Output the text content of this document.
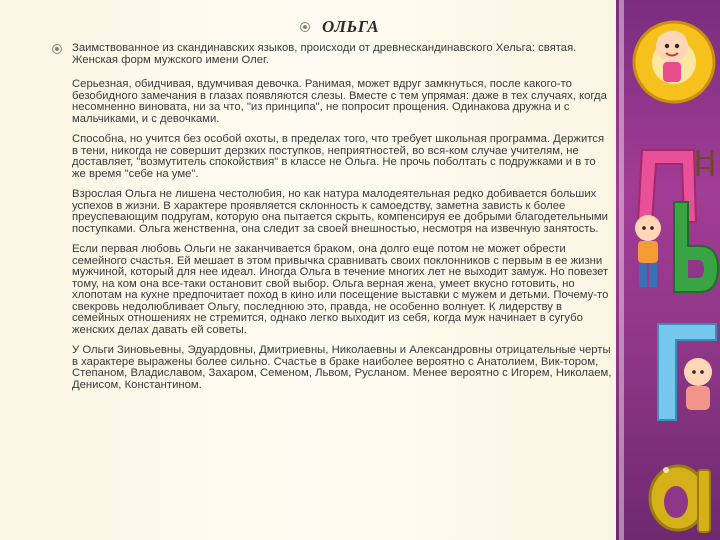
ОЛЬГА

Заимствованное из скандинавских языков, происходи от древнескандинавского Хельга: святая. Женская форм мужского имени Олег.

Серьезная, обидчивая, вдумчивая девочка. Ранимая, может вдруг замкнуться, после какого-то безобидного замечания в глазах появляются слезы. Вместе с тем упрямая: даже в тех случаях, когда несомненно виновата, ни за что, "из принципа", не попросит прощения. Одинакова дружна и с мальчиками, и с девочками.

Способна, но учится без особой охоты, в пределах того, что требует школьная программа. Держится в тени, никогда не совершит дерзких поступков, неприятностей, во вся-ком случае учителям, не доставляет, "возмутитель спокойствия" в классе не Ольга. Не прочь поболтать с подружками и в то же время "себе на уме".

Взрослая Ольга не лишена честолюбия, но как натура малодеятельная редко добивается больших успехов в жизни. В характере проявляется склонность к самоедству, заметна зависть к более преуспевающим подругам, которую она пытается скрыть, компенсируя ее добрыми благодетельными поступками. Ольга женственна, она следит за своей внешностью, несмотря на извечную занятость.

Если первая любовь Ольги не заканчивается браком, она долго еще потом не может обрести семейного счастья. Ей мешает в этом привычка сравнивать своих поклонников с первым в ее жизни мужчиной, который для нее идеал. Иногда Ольга в течение многих лет не выходит замуж. Но повезет тому, на ком она все-таки остановит свой выбор. Ольга верная жена, умеет вкусно готовить, но хлопотам на кухне предпочитает поход в кино или посещение выставки с мужем и детьми. Почему-то свекровь недолюбливает Ольгу, последнюю это, правда, не особенно волнует. К лидерству в семейных отношениях не стремится, однако легко выходит из себя, когда муж начинает в сугубо женских делах давать ей советы.

У Ольги Зиновьевны, Эдуардовны, Дмитриевны, Николаевны и Александровны отрицательные черты в характере выражены более сильно. Счастье в браке наиболее вероятно с Анатолием, Вик-тором, Степаном, Владиславом, Захаром, Семеном, Львом, Русланом. Менее вероятно с Игорем, Николаем, Денисом, Константином.
